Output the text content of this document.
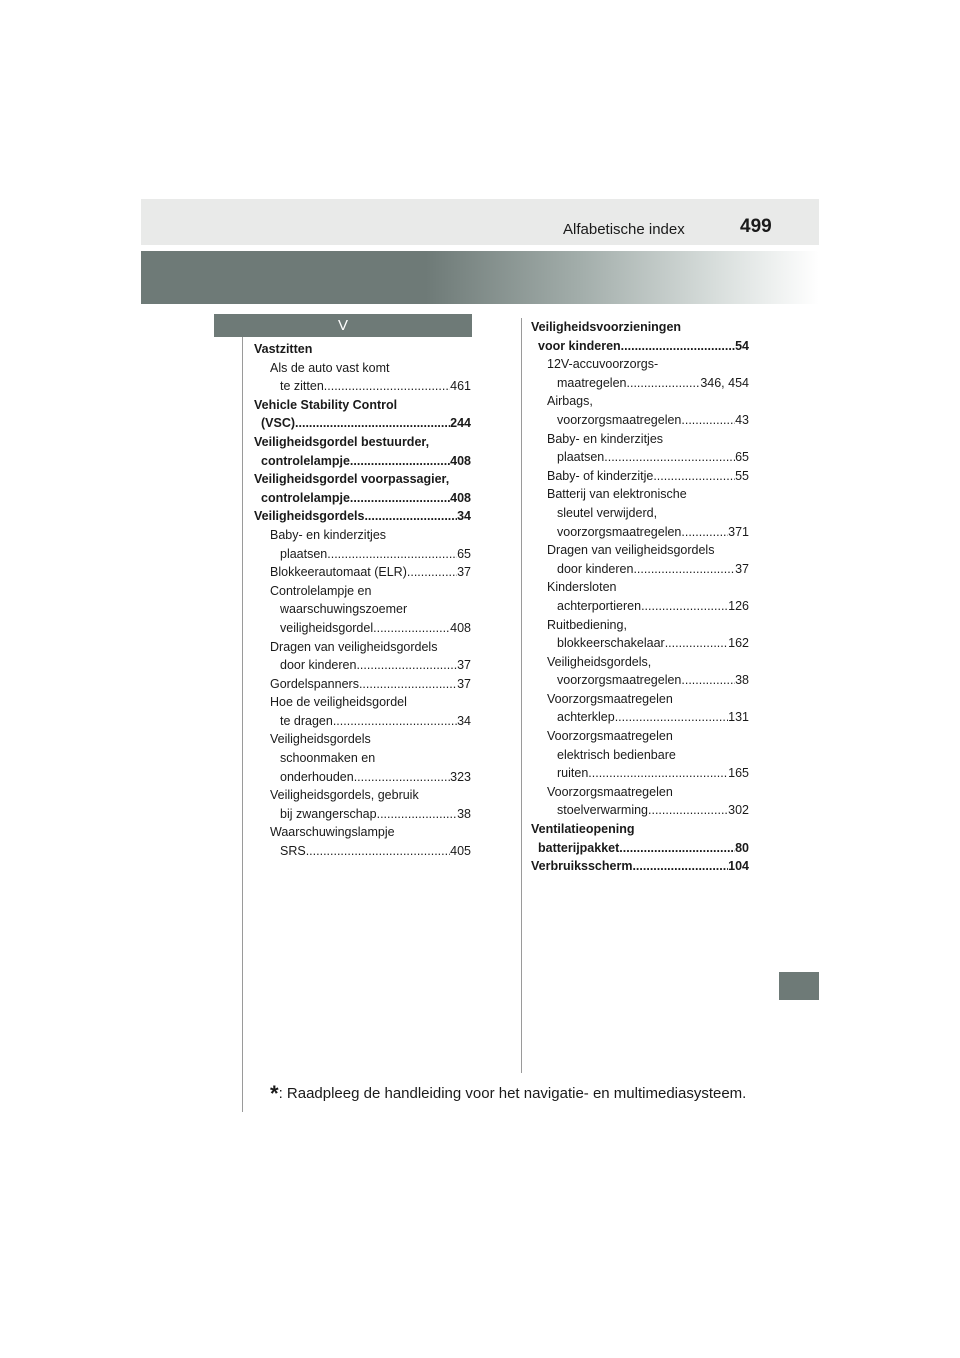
Alfabetische index	499
V
Vastzitten
Als de auto vast komt
te zitten .....	461
Vehicle Stability Control
(VSC) .....	244
Veiligheidsgordel bestuurder,
controlelampje .....	408
Veiligheidsgordel voorpassagier,
controlelampje .....	408
Veiligheidsgordels .....	34
Baby- en kinderzitjes
plaatsen .....	65
Blokkeerautomaat (ELR) .....	37
Controlelampje en
waarschuwingszoemer
veiligheidsgordel .....	408
Dragen van veiligheidsgordels
door kinderen .....	37
Gordelspanners .....	37
Hoe de veiligheidsgordel
te dragen .....	34
Veiligheidsgordels
schoonmaken en
onderhouden .....	323
Veiligheidsgordels, gebruik
bij zwangerschap .....	38
Waarschuwingslampje
SRS .....	405
Veiligheidsvoorzieningen
voor kinderen .....	54
12V-accuvoorzorgs-
maatregelen .....	346, 454
Airbags,
voorzorgsmaatregelen .....	43
Baby- en kinderzitjes
plaatsen .....	65
Baby- of kinderzitje .....	55
Batterij van elektronische
sleutel verwijderd,
voorzorgsmaatregelen .....	371
Dragen van veiligheidsgordels
door kinderen .....	37
Kindersloten
achterportieren .....	126
Ruitbediening,
blokkeerschakelaar .....	162
Veiligheidsgordels,
voorzorgsmaatregelen .....	38
Voorzorgsmaatregelen
achterklep .....	131
Voorzorgsmaatregelen
elektrisch bedienbare
ruiten .....	165
Voorzorgsmaatregelen
stoelverwarming .....	302
Ventilatieopening
batterijpakket .....	80
Verbruiksscherm .....	104
*: Raadpleeg de handleiding voor het navigatie- en multimediasysteem.
